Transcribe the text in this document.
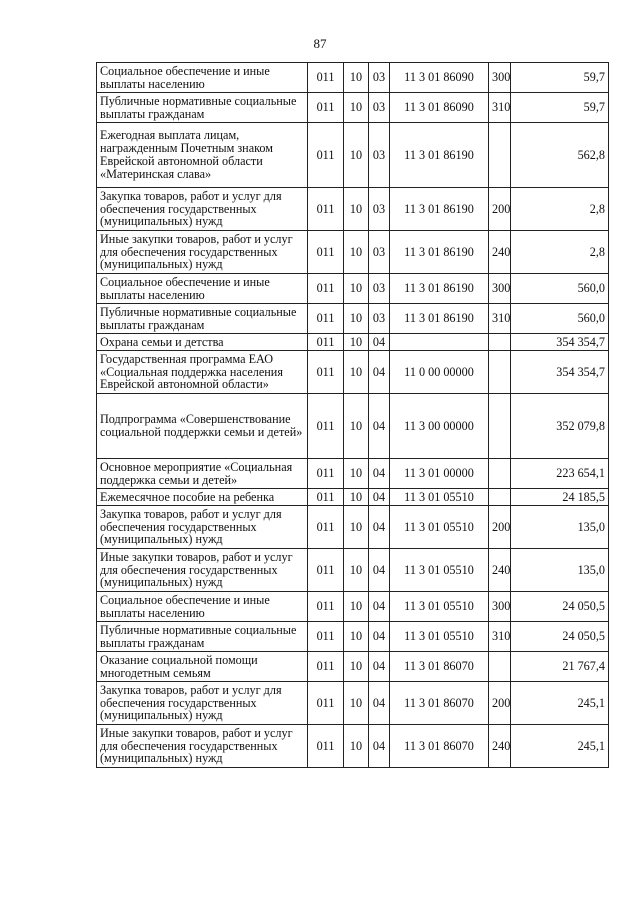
87
Социальное обеспечение и иные выплаты населению	011	10	03	11 3 01 86090	300	59,7
Публичные нормативные социальные выплаты гражданам	011	10	03	11 3 01 86090	310	59,7
Ежегодная выплата лицам, награжденным Почетным знаком Еврейской автономной области «Материнская слава»	011	10	03	11 3 01 86190		562,8
Закупка товаров, работ и услуг для обеспечения государственных (муниципальных) нужд	011	10	03	11 3 01 86190	200	2,8
Иные закупки товаров, работ и услуг для обеспечения государственных (муниципальных) нужд	011	10	03	11 3 01 86190	240	2,8
Социальное обеспечение и иные выплаты населению	011	10	03	11 3 01 86190	300	560,0
Публичные нормативные социальные выплаты гражданам	011	10	03	11 3 01 86190	310	560,0
Охрана семьи и детства	011	10	04			354 354,7
Государственная программа ЕАО «Социальная поддержка населения Еврейской автономной области»	011	10	04	11 0 00 00000		354 354,7
Подпрограмма «Совершенствование социальной поддержки семьи и детей»	011	10	04	11 3 00 00000		352 079,8
Основное мероприятие «Социальная поддержка семьи и детей»	011	10	04	11 3 01 00000		223 654,1
Ежемесячное пособие на ребенка	011	10	04	11 3 01 05510		24 185,5
Закупка товаров, работ и услуг для обеспечения государственных (муниципальных) нужд	011	10	04	11 3 01 05510	200	135,0
Иные закупки товаров, работ и услуг для обеспечения государственных (муниципальных) нужд	011	10	04	11 3 01 05510	240	135,0
Социальное обеспечение и иные выплаты населению	011	10	04	11 3 01 05510	300	24 050,5
Публичные нормативные социальные выплаты гражданам	011	10	04	11 3 01 05510	310	24 050,5
Оказание социальной помощи многодетным семьям	011	10	04	11 3 01 86070		21 767,4
Закупка товаров, работ и услуг для обеспечения государственных (муниципальных) нужд	011	10	04	11 3 01 86070	200	245,1
Иные закупки товаров, работ и услуг для обеспечения государственных (муниципальных) нужд	011	10	04	11 3 01 86070	240	245,1
